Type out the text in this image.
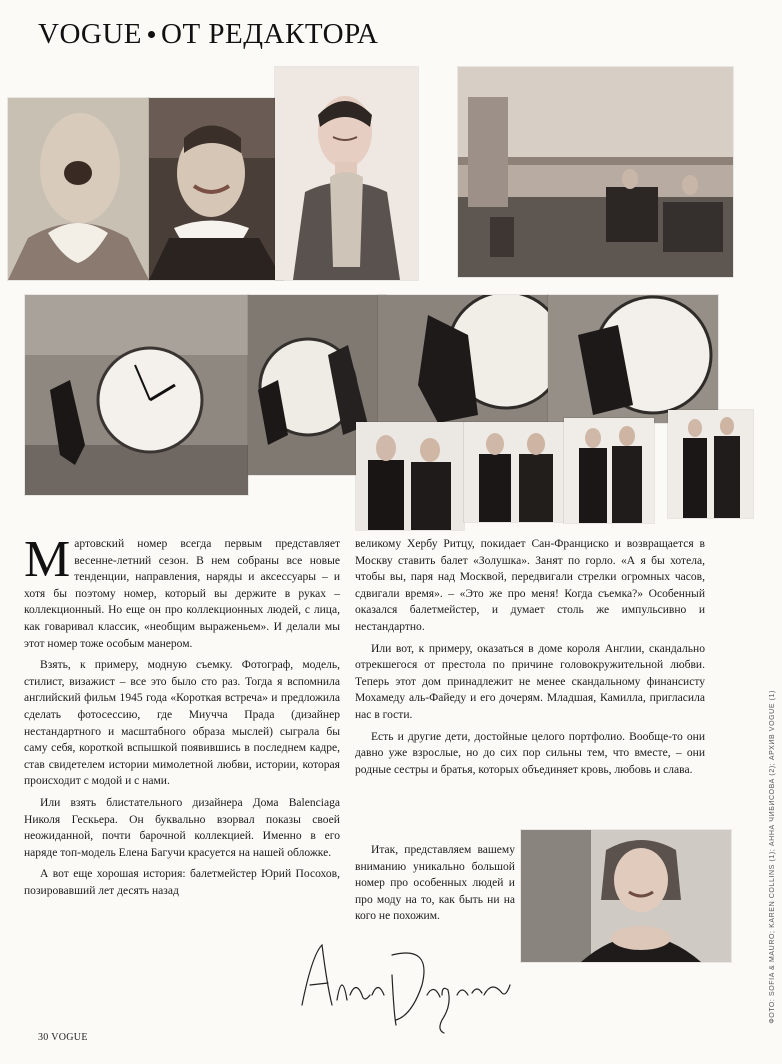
VOGUE ОТ РЕДАКТОРА

Мартовский номер всегда первым представляет весенне-летний сезон. В нем собраны все новые тенденции, направления, наряды и аксессуары – и хотя бы поэтому номер, который вы держите в руках – коллекционный. Но еще он про коллекционных людей, с лица, как говаривал классик, «необщим выраженьем». И делали мы этот номер тоже особым манером.

Взять, к примеру, модную съемку. Фотограф, модель, стилист, визажист – все это было сто раз. Тогда я вспомнила английский фильм 1945 года «Короткая встреча» и предложила сделать фотосессию, где Миучча Прада (дизайнер нестандартного и масштабного образа мыслей) сыграла бы саму себя, короткой вспышкой появившись в последнем кадре, став свидетелем истории мимолетной любви, истории, которая происходит с модой и с нами.

Или взять блистательного дизайнера Дома Balenciaga Николя Гескьера. Он буквально взорвал показы своей неожиданной, почти барочной коллекцией. Именно в его наряде топ-модель Елена Багучи красуется на нашей обложке.

А вот еще хорошая история: балетмейстер Юрий Посохов, позировавший лет десять назад

великому Хербу Ритцу, покидает Сан-Франциско и возвращается в Москву ставить балет «Золушка». Занят по горло. «А я бы хотела, чтобы вы, паря над Москвой, передвигали стрелки огромных часов, сдвигали время». – «Это же про меня! Когда съемка?» Особенный оказался балетмейстер, и думает столь же импульсивно и нестандартно.

Или вот, к примеру, оказаться в доме короля Англии, скандально отрекшегося от престола по причине головокружительной любви. Теперь этот дом принадлежит не менее скандальному финансисту Мохамеду аль-Файеду и его дочерям. Младшая, Камилла, пригласила нас в гости.

Есть и другие дети, достойные целого портфолио. Вообще-то они давно уже взрослые, но до сих пор сильны тем, что вместе, – они родные сестры и братья, которых объединяет кровь, любовь и слава.

Итак, представляем вашему вниманию уникально большой номер про особенных людей и про моду на то, как быть ни на кого не похожим.

30 VOGUE
ФОТО: SOFIA & MAURO; KAREN COLLINS (1); АННА ЧИБИСОВА (2); АРХИВ VOGUE (1)
